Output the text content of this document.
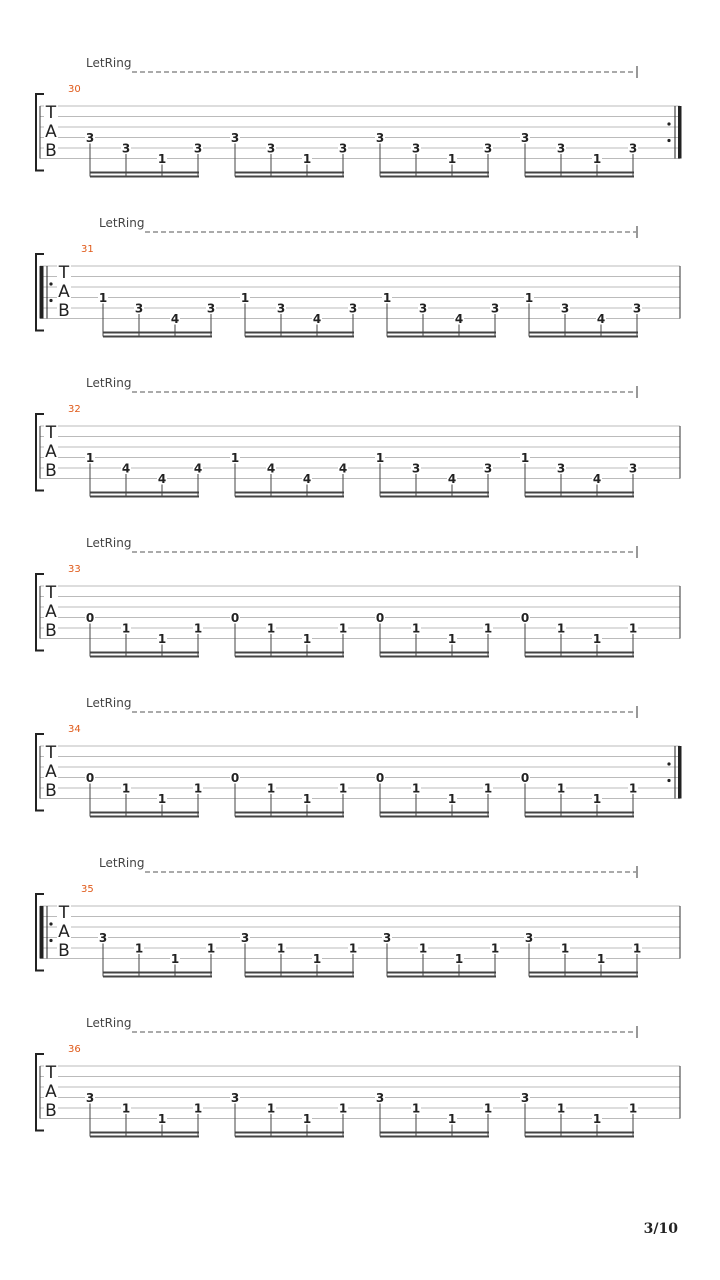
LetRing
30
T
A
B
3
3
1
3
3
3
1
3
3
3
1
3
3
3
1
3
LetRing
31
T
A
B
1
3
4
3
1
3
4
3
1
3
4
3
1
3
4
3
LetRing
32
T
A
B
1
4
4
4
1
4
4
4
1
3
4
3
1
3
4
3
LetRing
33
T
A
B
0
1
1
1
0
1
1
1
0
1
1
1
0
1
1
1
LetRing
34
T
A
B
0
1
1
1
0
1
1
1
0
1
1
1
0
1
1
1
LetRing
35
T
A
B
3
1
1
1
3
1
1
1
3
1
1
1
3
1
1
1
LetRing
36
T
A
B
3
1
1
1
3
1
1
1
3
1
1
1
3
1
1
1
3/10
